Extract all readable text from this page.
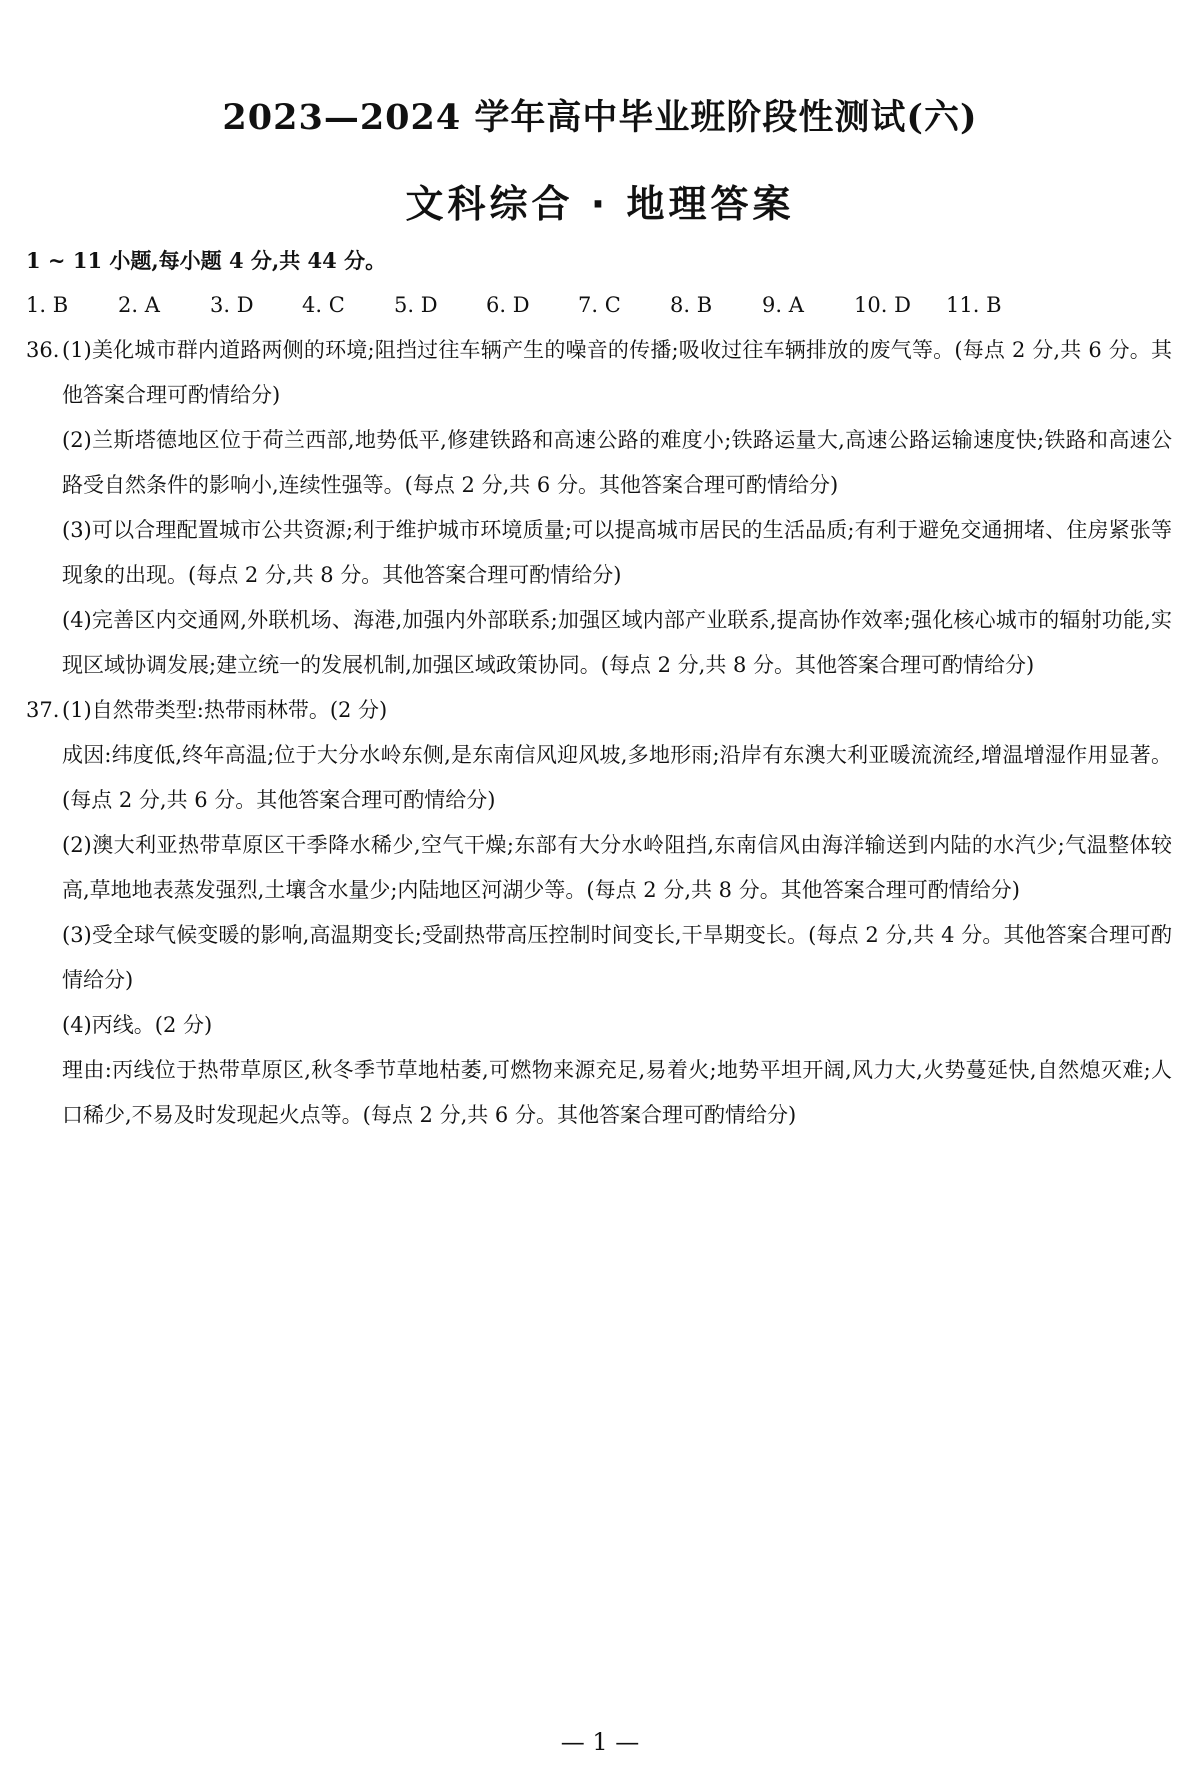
2023—2024 学年高中毕业班阶段性测试(六)
文科综合 · 地理答案
1 ~ 11 小题,每小题 4 分,共 44 分。
1. B	2. A	3. D	4. C	5. D	6. D	7. C	8. B	9. A	10. D	11. B
36. (1)美化城市群内道路两侧的环境;阻挡过往车辆产生的噪音的传播;吸收过往车辆排放的废气等。(每点 2 分,共 6 分。其他答案合理可酌情给分)
(2)兰斯塔德地区位于荷兰西部,地势低平,修建铁路和高速公路的难度小;铁路运量大,高速公路运输速度快;铁路和高速公路受自然条件的影响小,连续性强等。(每点 2 分,共 6 分。其他答案合理可酌情给分)
(3)可以合理配置城市公共资源;利于维护城市环境质量;可以提高城市居民的生活品质;有利于避免交通拥堵、住房紧张等现象的出现。(每点 2 分,共 8 分。其他答案合理可酌情给分)
(4)完善区内交通网,外联机场、海港,加强内外部联系;加强区域内部产业联系,提高协作效率;强化核心城市的辐射功能,实现区域协调发展;建立统一的发展机制,加强区域政策协同。(每点 2 分,共 8 分。其他答案合理可酌情给分)
37. (1)自然带类型:热带雨林带。(2 分)
成因:纬度低,终年高温;位于大分水岭东侧,是东南信风迎风坡,多地形雨;沿岸有东澳大利亚暖流流经,增温增湿作用显著。(每点 2 分,共 6 分。其他答案合理可酌情给分)
(2)澳大利亚热带草原区干季降水稀少,空气干燥;东部有大分水岭阻挡,东南信风由海洋输送到内陆的水汽少;气温整体较高,草地地表蒸发强烈,土壤含水量少;内陆地区河湖少等。(每点 2 分,共 8 分。其他答案合理可酌情给分)
(3)受全球气候变暖的影响,高温期变长;受副热带高压控制时间变长,干旱期变长。(每点 2 分,共 4 分。其他答案合理可酌情给分)
(4)丙线。(2 分)
理由:丙线位于热带草原区,秋冬季节草地枯萎,可燃物来源充足,易着火;地势平坦开阔,风力大,火势蔓延快,自然熄灭难;人口稀少,不易及时发现起火点等。(每点 2 分,共 6 分。其他答案合理可酌情给分)
— 1 —
